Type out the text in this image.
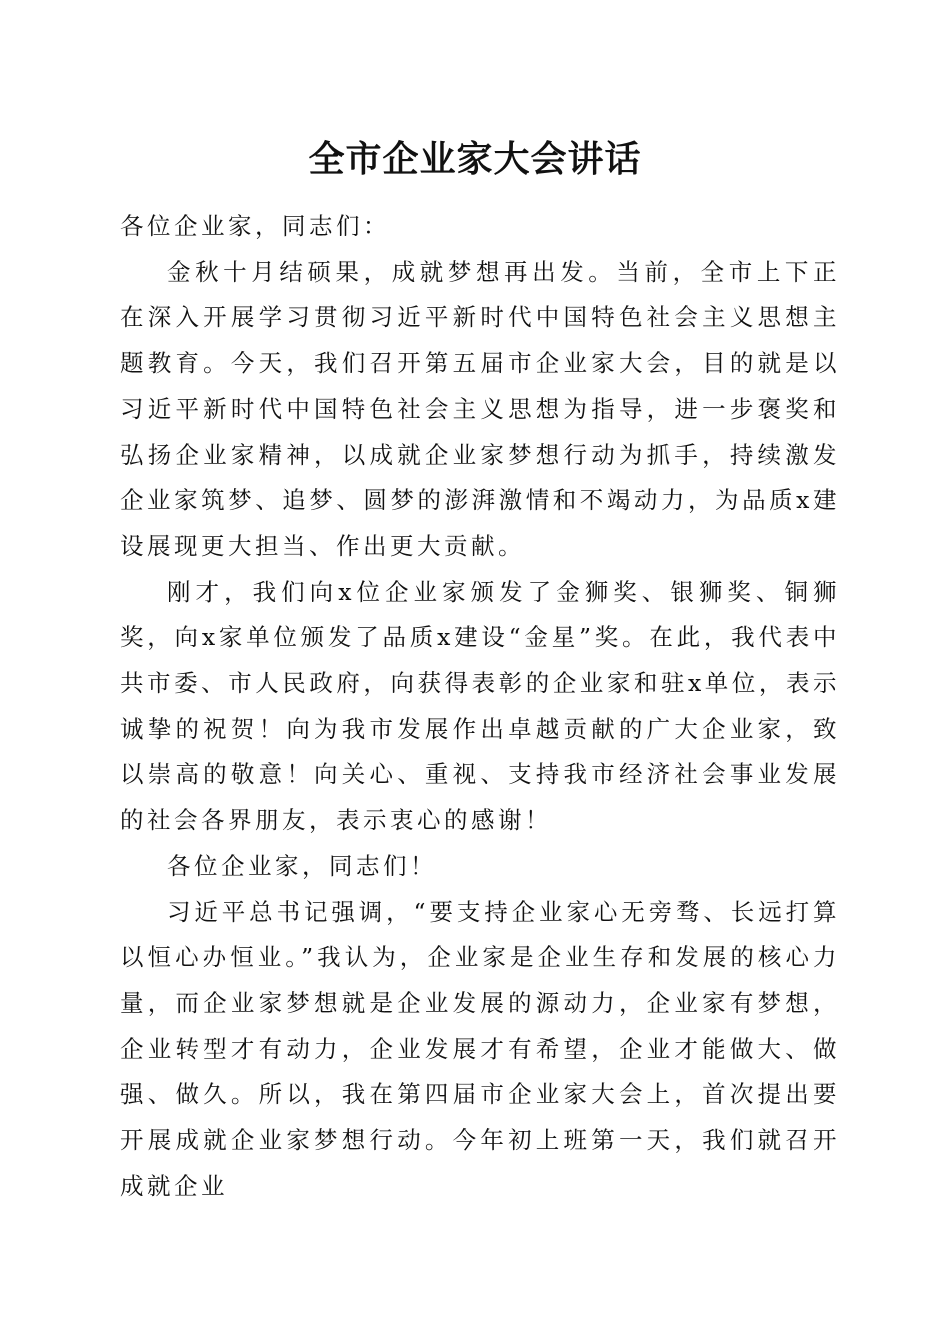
全市企业家大会讲话

各位企业家，同志们：

金秋十月结硕果，成就梦想再出发。当前，全市上下正在深入开展学习贯彻习近平新时代中国特色社会主义思想主题教育。今天，我们召开第五届市企业家大会，目的就是以习近平新时代中国特色社会主义思想为指导，进一步褒奖和弘扬企业家精神，以成就企业家梦想行动为抓手，持续激发企业家筑梦、追梦、圆梦的澎湃激情和不竭动力，为品质x建设展现更大担当、作出更大贡献。

刚才，我们向x位企业家颁发了金狮奖、银狮奖、铜狮奖，向x家单位颁发了品质x建设“金星”奖。在此，我代表中共市委、市人民政府，向获得表彰的企业家和驻x单位，表示诚挚的祝贺！向为我市发展作出卓越贡献的广大企业家，致以崇高的敬意！向关心、重视、支持我市经济社会事业发展的社会各界朋友，表示衷心的感谢！

各位企业家，同志们！

习近平总书记强调，“要支持企业家心无旁骛、长远打算以恒心办恒业。”我认为，企业家是企业生存和发展的核心力量，而企业家梦想就是企业发展的源动力，企业家有梦想，企业转型才有动力，企业发展才有希望，企业才能做大、做强、做久。所以，我在第四届市企业家大会上，首次提出要开展成就企业家梦想行动。今年初上班第一天，我们就召开成就企业
